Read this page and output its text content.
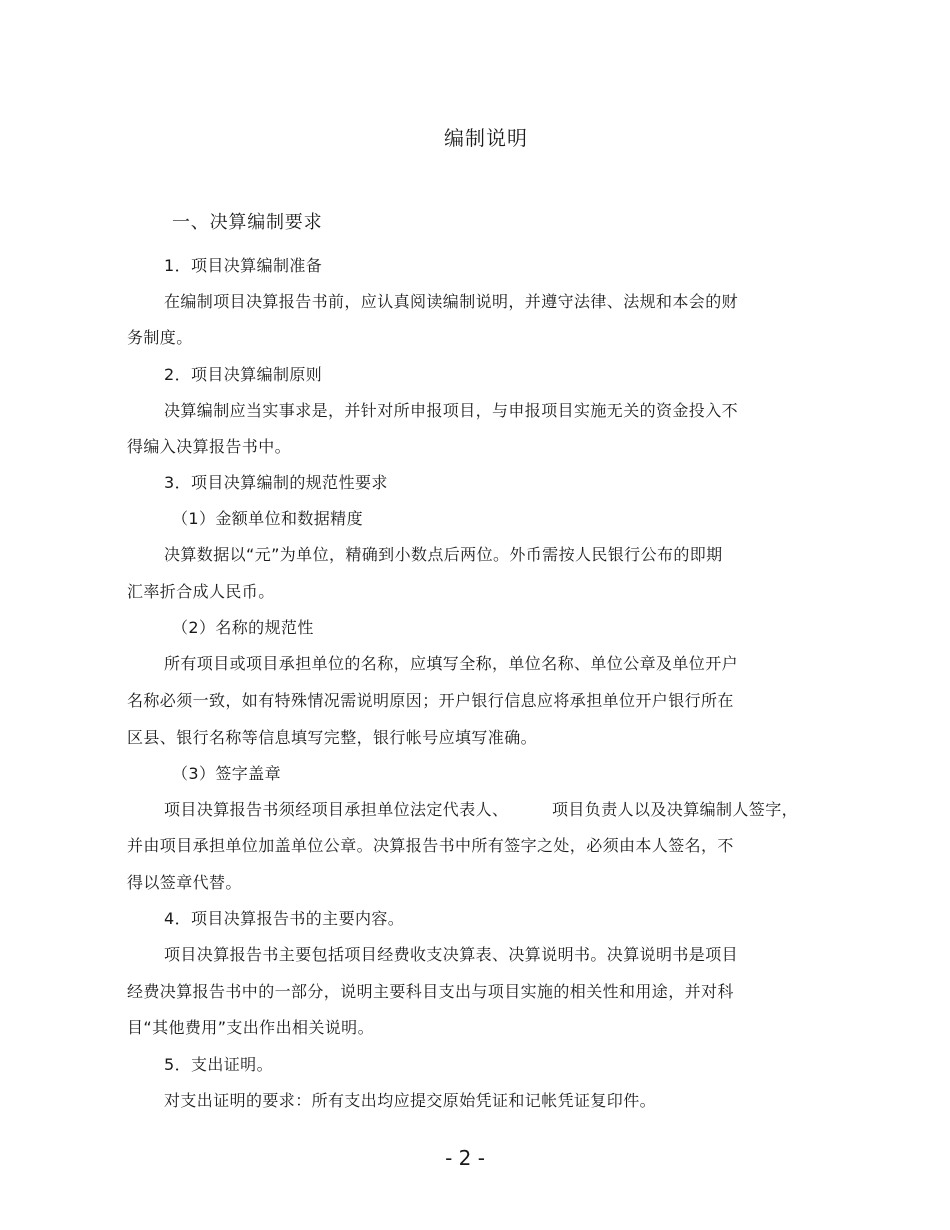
编制说明
一、决算编制要求
1．项目决算编制准备
在编制项目决算报告书前，应认真阅读编制说明，并遵守法律、法规和本会的财
务制度。
2．项目决算编制原则
决算编制应当实事求是，并针对所申报项目，与申报项目实施无关的资金投入不
得编入决算报告书中。
3．项目决算编制的规范性要求
（1）金额单位和数据精度
决算数据以“元”为单位，精确到小数点后两位。外币需按人民银行公布的即期
汇率折合成人民币。
（2）名称的规范性
所有项目或项目承担单位的名称，应填写全称，单位名称、单位公章及单位开户
名称必须一致，如有特殊情况需说明原因；开户银行信息应将承担单位开户银行所在
区县、银行名称等信息填写完整，银行帐号应填写准确。
（3）签字盖章
项目决算报告书须经项目承担单位法定代表人、	项目负责人以及决算编制人签字，
并由项目承担单位加盖单位公章。决算报告书中所有签字之处，必须由本人签名，不
得以签章代替。
4．项目决算报告书的主要内容。
项目决算报告书主要包括项目经费收支决算表、决算说明书。决算说明书是项目
经费决算报告书中的一部分，说明主要科目支出与项目实施的相关性和用途，并对科
目“其他费用”支出作出相关说明。
5．支出证明。
对支出证明的要求：所有支出均应提交原始凭证和记帐凭证复印件。
- 2 -
